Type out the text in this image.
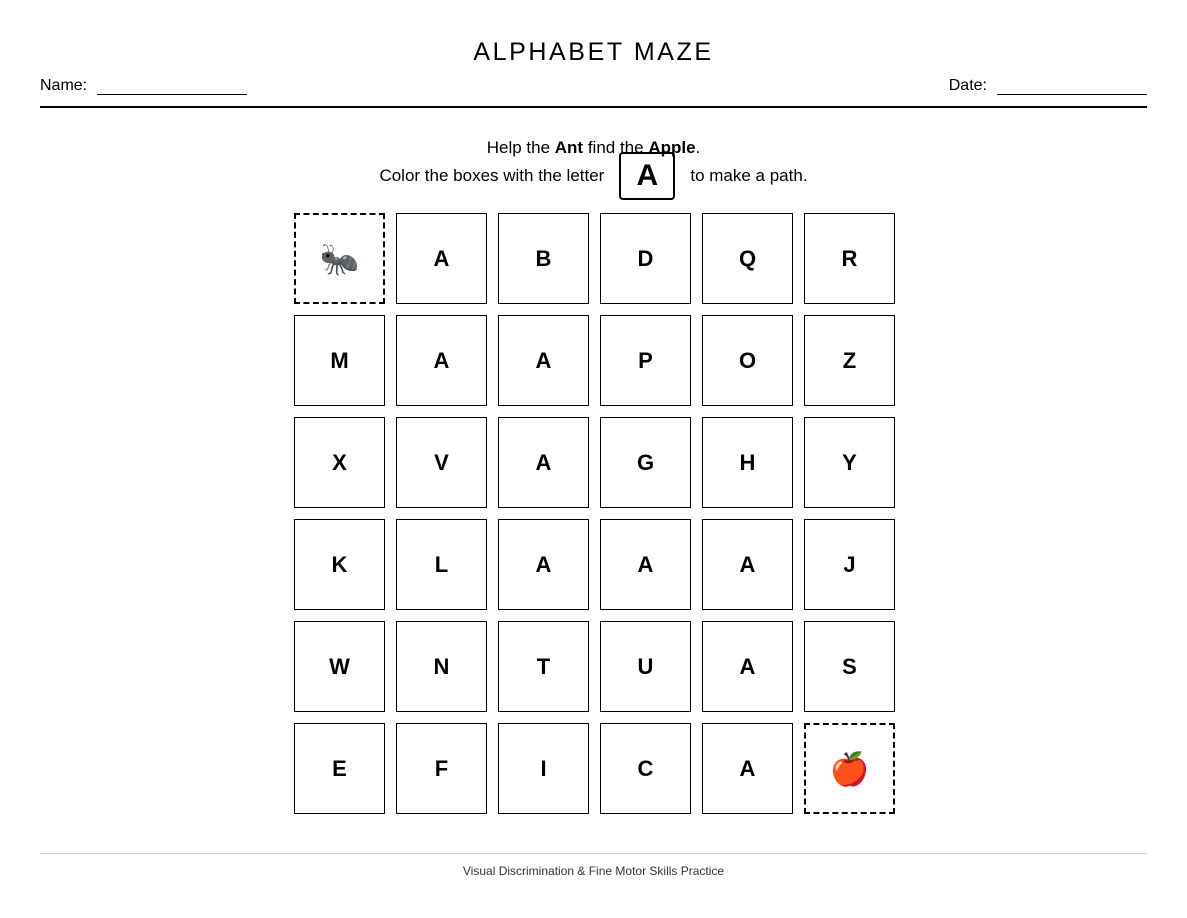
ALPHABET MAZE
Name:	Date:
Help the Ant find the Apple.
Color the boxes with the letter	A	to make a path.
🐜	A	B	D	Q	R
M	A	A	P	O	Z
X	V	A	G	H	Y
K	L	A	A	A	J
W	N	T	U	A	S
E	F	I	C	A	🍎
Visual Discrimination & Fine Motor Skills Practice
